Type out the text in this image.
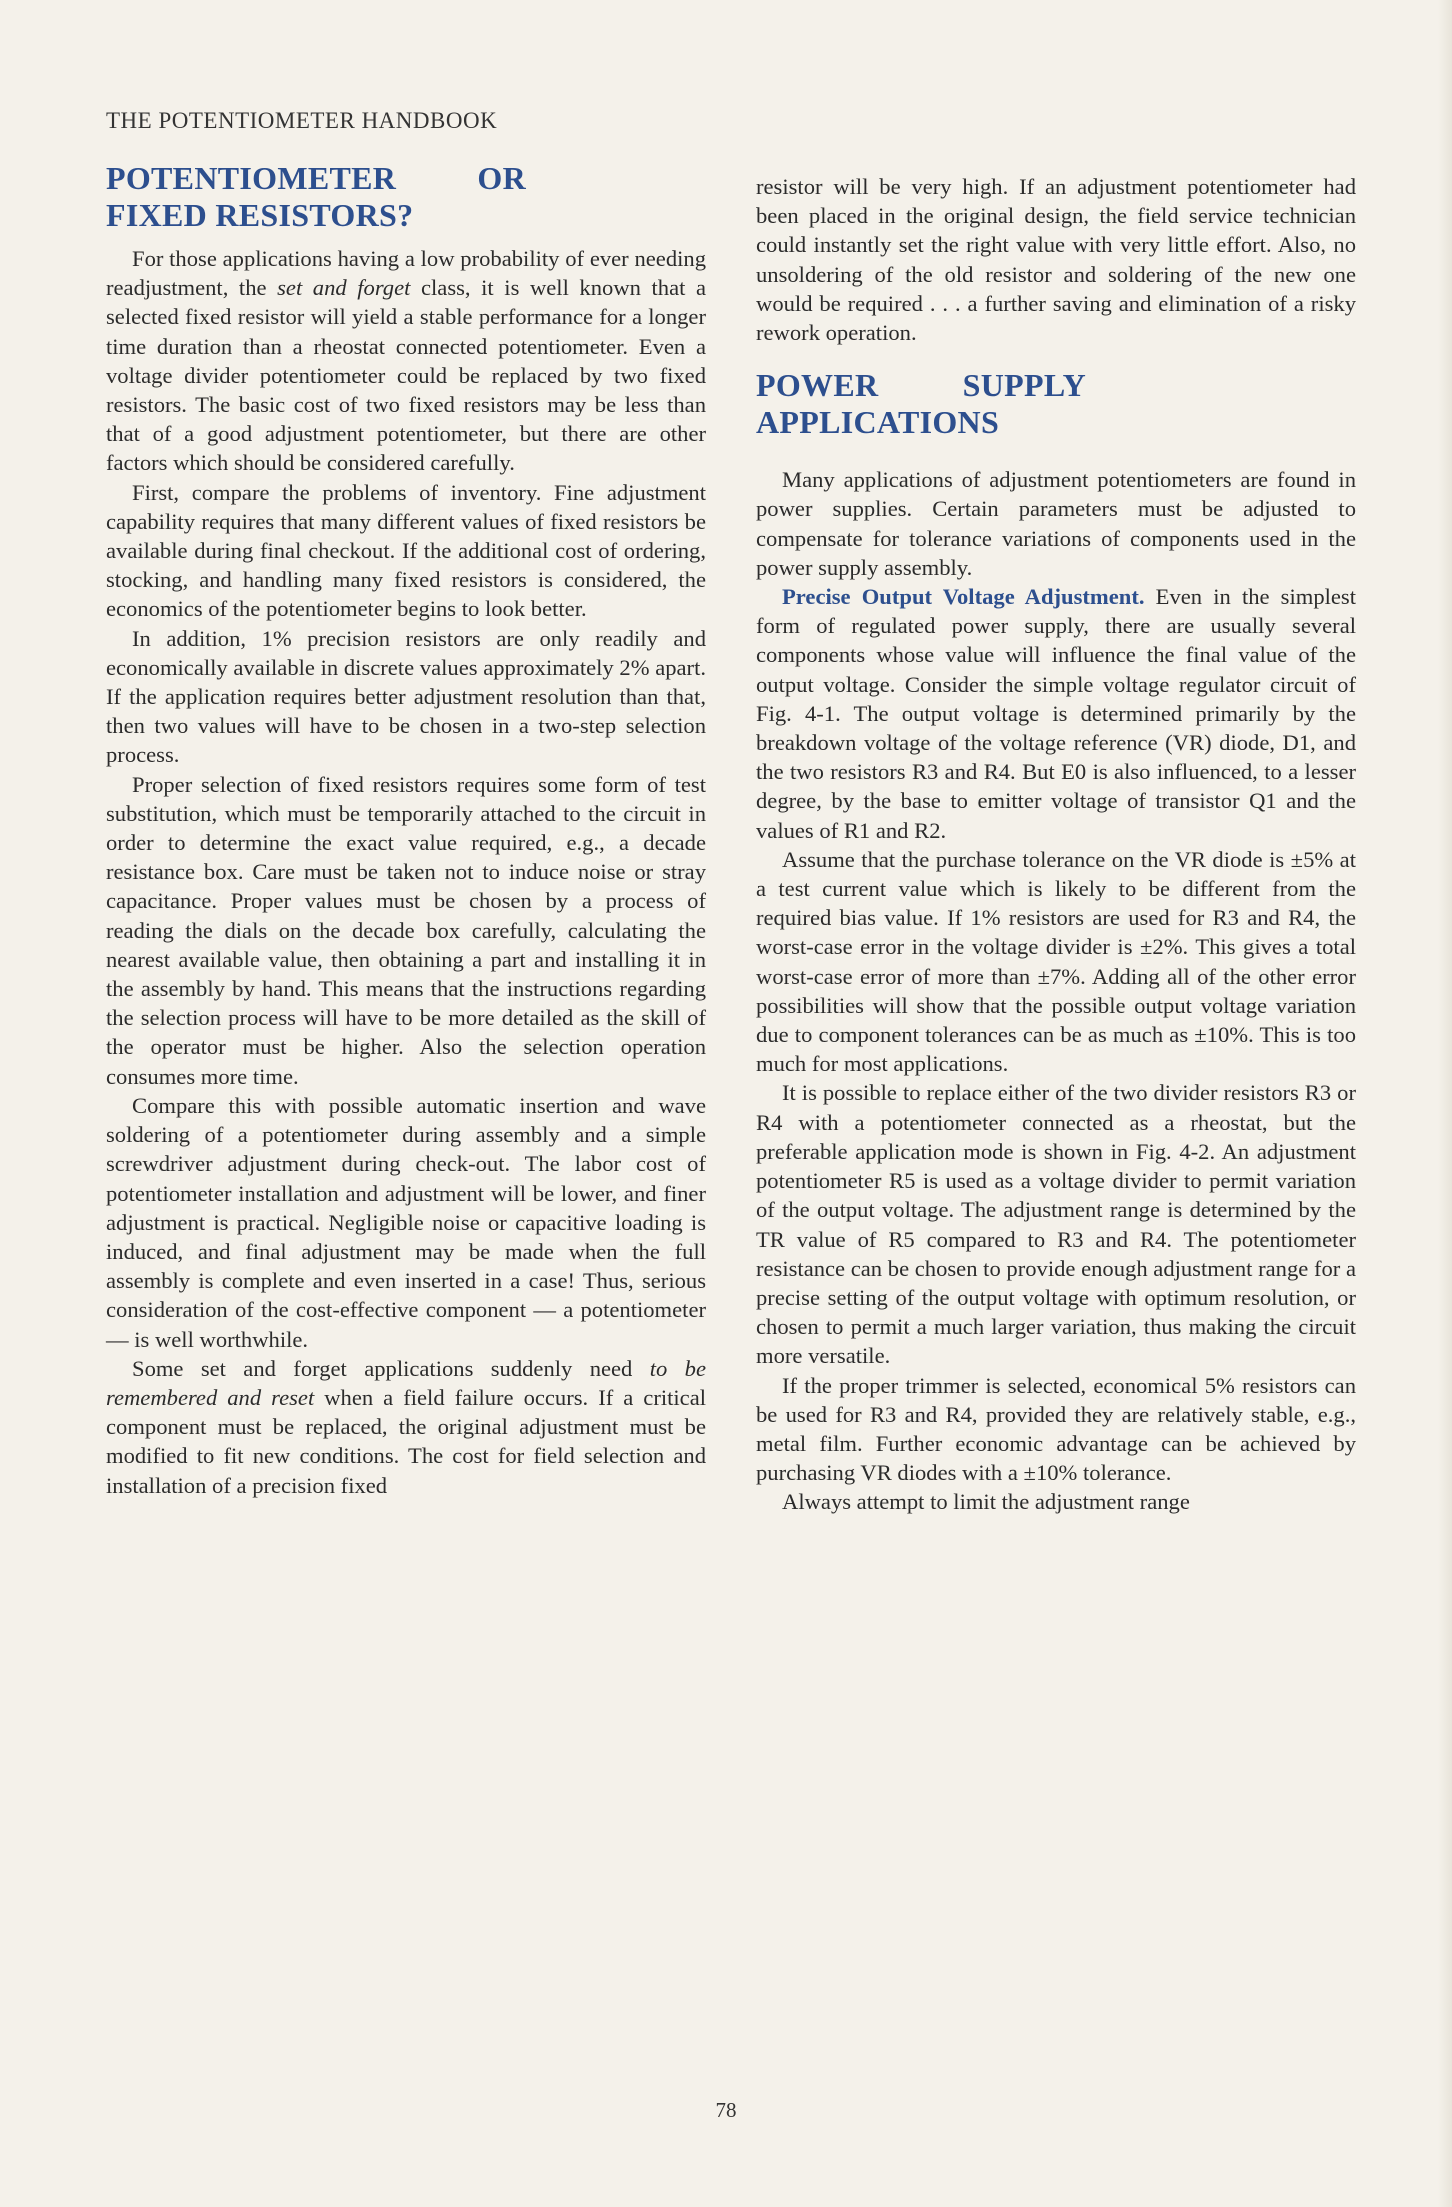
THE POTENTIOMETER HANDBOOK
POTENTIOMETER OR FIXED RESISTORS?

For those applications having a low probability of ever needing readjustment, the set and forget class, it is well known that a selected fixed resistor will yield a stable performance for a longer time duration than a rheostat connected potentiometer. Even a voltage divider potentiometer could be replaced by two fixed resistors. The basic cost of two fixed resistors may be less than that of a good adjustment potentiometer, but there are other factors which should be considered carefully.

First, compare the problems of inventory. Fine adjustment capability requires that many different values of fixed resistors be available during final checkout. If the additional cost of ordering, stocking, and handling many fixed resistors is considered, the economics of the potentiometer begins to look better.

In addition, 1% precision resistors are only readily and economically available in discrete values approximately 2% apart. If the application requires better adjustment resolution than that, then two values will have to be chosen in a two-step selection process.

Proper selection of fixed resistors requires some form of test substitution, which must be temporarily attached to the circuit in order to determine the exact value required, e.g., a decade resistance box. Care must be taken not to induce noise or stray capacitance. Proper values must be chosen by a process of reading the dials on the decade box carefully, calculating the nearest available value, then obtaining a part and installing it in the assembly by hand. This means that the instructions regarding the selection process will have to be more detailed as the skill of the operator must be higher. Also the selection operation consumes more time.

Compare this with possible automatic insertion and wave soldering of a potentiometer during assembly and a simple screwdriver adjustment during check-out. The labor cost of potentiometer installation and adjustment will be lower, and finer adjustment is practical. Negligible noise or capacitive loading is induced, and final adjustment may be made when the full assembly is complete and even inserted in a case! Thus, serious consideration of the cost-effective component — a potentiometer — is well worthwhile.

Some set and forget applications suddenly need to be remembered and reset when a field failure occurs. If a critical component must be replaced, the original adjustment must be modified to fit new conditions. The cost for field selection and installation of a precision fixed

resistor will be very high. If an adjustment potentiometer had been placed in the original design, the field service technician could instantly set the right value with very little effort. Also, no unsoldering of the old resistor and soldering of the new one would be required . . . a further saving and elimination of a risky rework operation.

POWER SUPPLY APPLICATIONS

Many applications of adjustment potentiometers are found in power supplies. Certain parameters must be adjusted to compensate for tolerance variations of components used in the power supply assembly.

Precise Output Voltage Adjustment. Even in the simplest form of regulated power supply, there are usually several components whose value will influence the final value of the output voltage. Consider the simple voltage regulator circuit of Fig. 4-1. The output voltage is determined primarily by the breakdown voltage of the voltage reference (VR) diode, D1, and the two resistors R3 and R4. But E0 is also influenced, to a lesser degree, by the base to emitter voltage of transistor Q1 and the values of R1 and R2.

Assume that the purchase tolerance on the VR diode is ±5% at a test current value which is likely to be different from the required bias value. If 1% resistors are used for R3 and R4, the worst-case error in the voltage divider is ±2%. This gives a total worst-case error of more than ±7%. Adding all of the other error possibilities will show that the possible output voltage variation due to component tolerances can be as much as ±10%. This is too much for most applications.

It is possible to replace either of the two divider resistors R3 or R4 with a potentiometer connected as a rheostat, but the preferable application mode is shown in Fig. 4-2. An adjustment potentiometer R5 is used as a voltage divider to permit variation of the output voltage. The adjustment range is determined by the TR value of R5 compared to R3 and R4. The potentiometer resistance can be chosen to provide enough adjustment range for a precise setting of the output voltage with optimum resolution, or chosen to permit a much larger variation, thus making the circuit more versatile.

If the proper trimmer is selected, economical 5% resistors can be used for R3 and R4, provided they are relatively stable, e.g., metal film. Further economic advantage can be achieved by purchasing VR diodes with a ±10% tolerance.

Always attempt to limit the adjustment range

78
